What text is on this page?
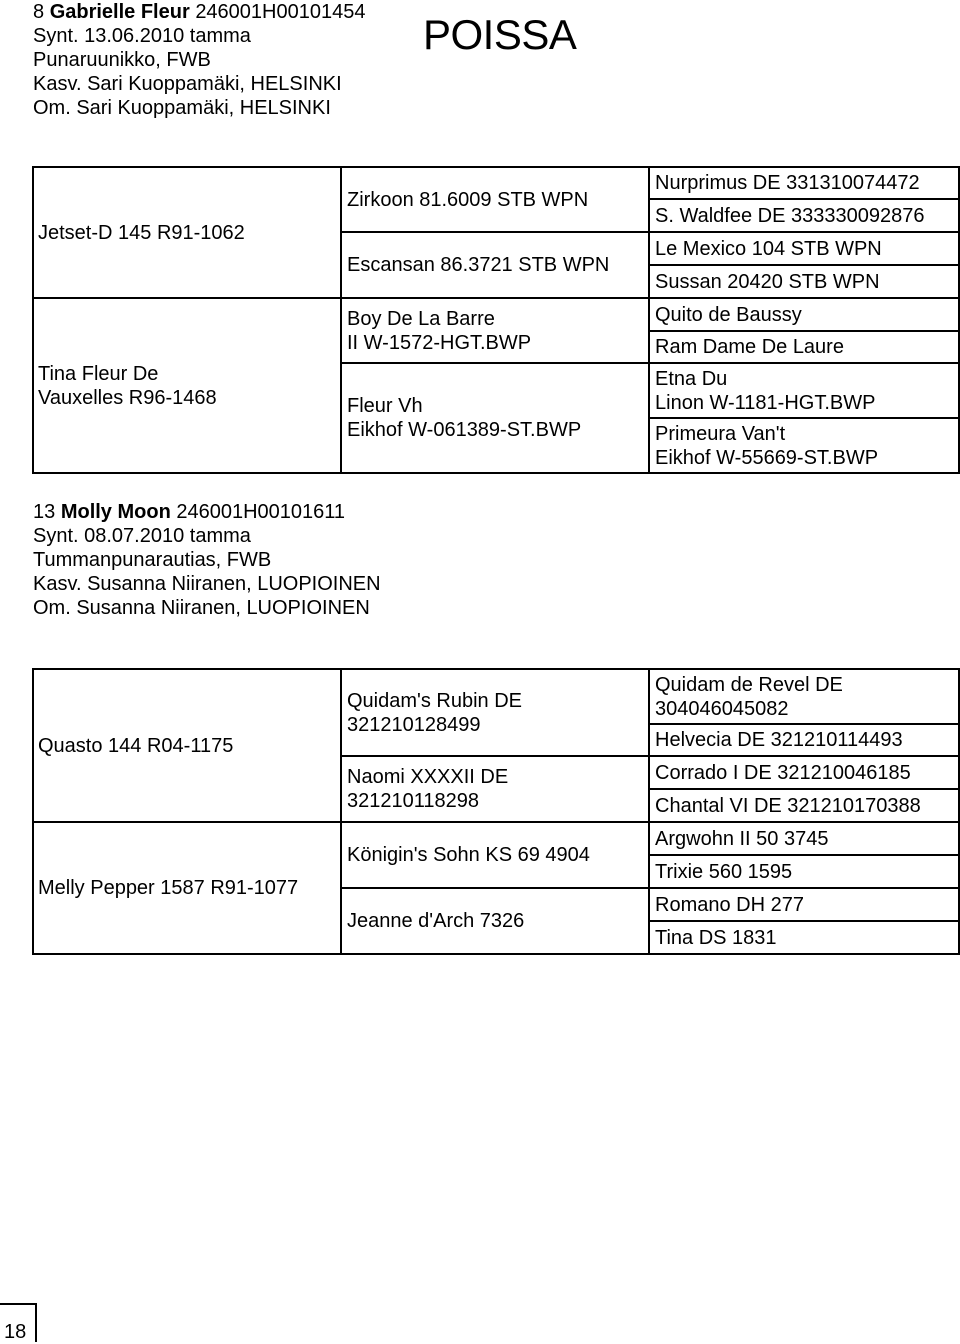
8 Gabrielle Fleur 246001H00101454
Synt. 13.06.2010 tamma
Punaruunikko, FWB
Kasv. Sari Kuoppamäki, HELSINKI
Om. Sari Kuoppamäki, HELSINKI
POISSA
Jetset-D 145 R91-1062	Zirkoon 81.6009 STB WPN	Nurprimus DE 331310074472

		S. Waldfee DE 333330092876

	Escansan 86.3721 STB WPN	Le Mexico 104 STB WPN

		Sussan 20420 STB WPN

Tina Fleur De
Vauxelles R96-1468	Boy De La Barre
II W-1572-HGT.BWP	Quito de Baussy

		Ram Dame De Laure

	Fleur Vh
Eikhof W-061389-ST.BWP	Etna Du
Linon W-1181-HGT.BWP

		Primeura Van't
Eikhof W-55669-ST.BWP
13 Molly Moon 246001H00101611
Synt. 08.07.2010 tamma
Tummanpunarautias, FWB
Kasv. Susanna Niiranen, LUOPIOINEN
Om. Susanna Niiranen, LUOPIOINEN
Quasto 144 R04-1175	Quidam's Rubin DE
321210128499	Quidam de Revel DE
304046045082

		Helvecia DE 321210114493

	Naomi XXXXII DE
321210118298	Corrado I DE 321210046185

		Chantal VI DE 321210170388

Melly Pepper 1587 R91-1077	Königin's Sohn KS 69 4904	Argwohn II 50 3745

		Trixie 560 1595

	Jeanne d'Arch 7326	Romano DH 277

		Tina DS 1831
18
